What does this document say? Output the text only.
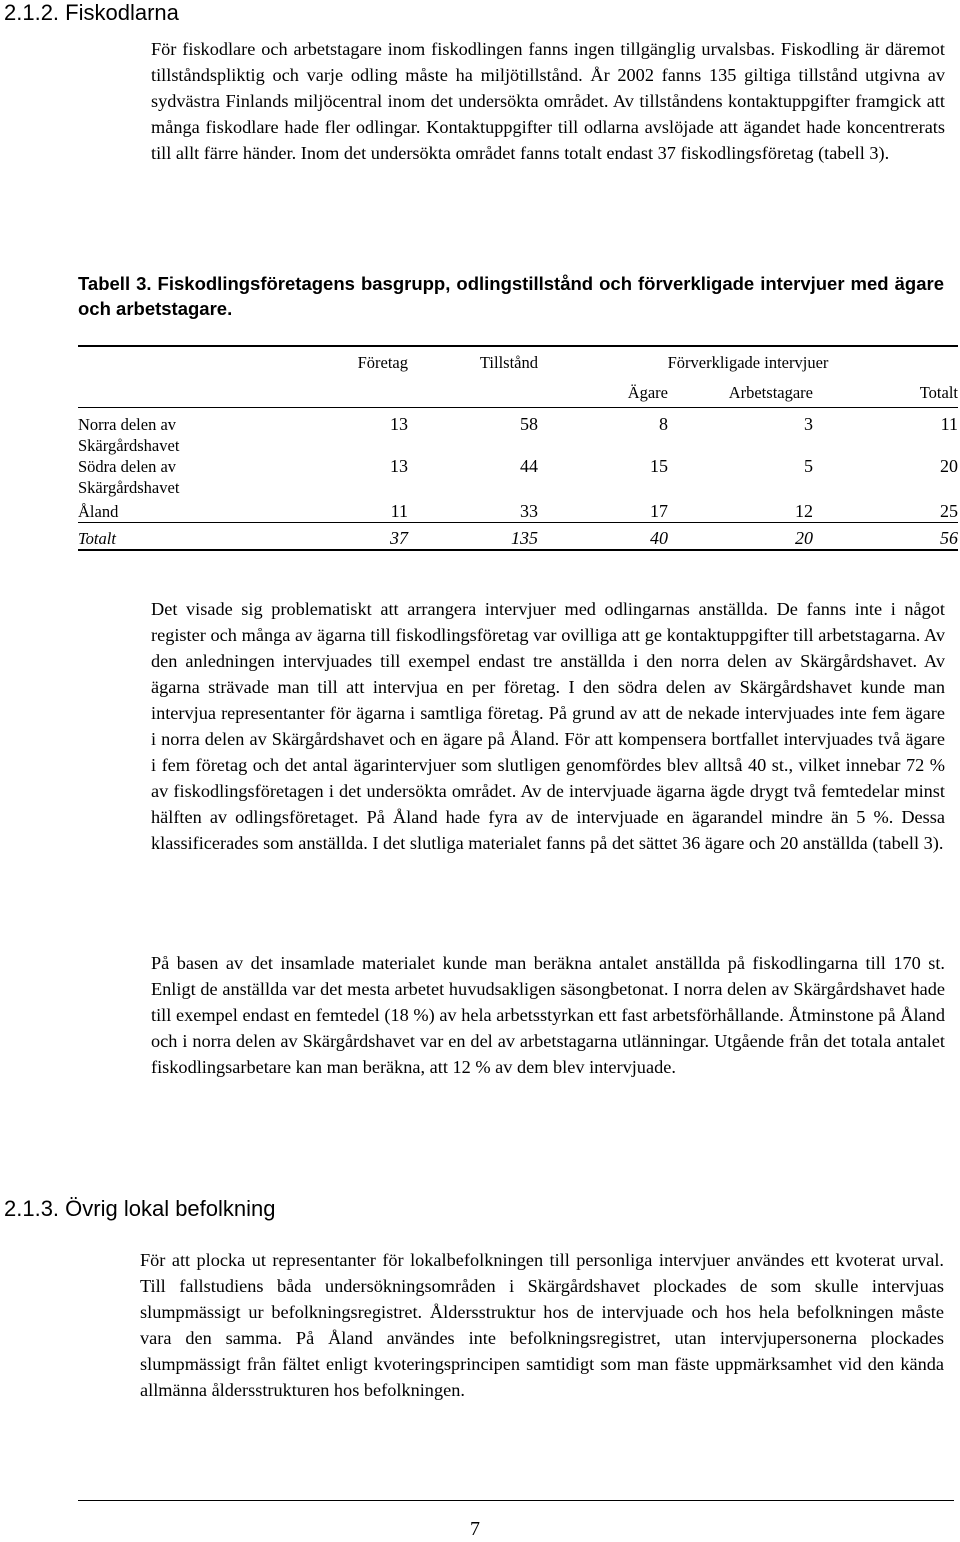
2.1.2. Fiskodlarna

För fiskodlare och arbetstagare inom fiskodlingen fanns ingen tillgänglig urvalsbas. Fiskodling är däremot tillståndspliktig och varje odling måste ha miljötillstånd. År 2002 fanns 135 giltiga tillstånd utgivna av sydvästra Finlands miljöcentral inom det undersökta området. Av tillståndens kontaktuppgifter framgick att många fiskodlare hade fler odlingar. Kontaktuppgifter till odlarna avslöjade att ägandet hade koncentrerats till allt färre händer. Inom det undersökta området fanns totalt endast 37 fiskodlingsföretag (tabell 3).

Tabell 3. Fiskodlingsföretagens basgrupp, odlingstillstånd och förverkligade intervjuer med ägare och arbetstagare.

	Företag	Tillstånd	Förverkligade intervjuer		
			Ägare	Arbetstagare	Totalt

Norra delen av
Skärgårdshavet	13	58	8	3	11

Södra delen av
Skärgårdshavet	13	44	15	5	20
Åland	11	33	17	12	25
Totalt	37	135	40	20	56

Det visade sig problematiskt att arrangera intervjuer med odlingarnas anställda. De fanns inte i något register och många av ägarna till fiskodlingsföretag var ovilliga att ge kontaktuppgifter till arbetstagarna. Av den anledningen intervjuades till exempel endast tre anställda i den norra delen av Skärgårdshavet. Av ägarna strävade man till att intervjua en per företag. I den södra delen av Skärgårdshavet kunde man intervjua representanter för ägarna i samtliga företag. På grund av att de nekade intervjuades inte fem ägare i norra delen av Skärgårdshavet och en ägare på Åland. För att kompensera bortfallet intervjuades två ägare i fem företag och det antal ägarintervjuer som slutligen genomfördes blev alltså 40 st., vilket innebar 72 % av fiskodlingsföretagen i det undersökta området. Av de intervjuade ägarna ägde drygt två femtedelar minst hälften av odlingsföretaget. På Åland hade fyra av de intervjuade en ägarandel mindre än 5 %. Dessa klassificerades som anställda. I det slutliga materialet fanns på det sättet 36 ägare och 20 anställda (tabell 3).

På basen av det insamlade materialet kunde man beräkna antalet anställda på fiskodlingarna till 170 st. Enligt de anställda var det mesta arbetet huvudsakligen säsongbetonat. I norra delen av Skärgårdshavet hade till exempel endast en femtedel (18 %) av hela arbetsstyrkan ett fast arbetsförhållande. Åtminstone på Åland och i norra delen av Skärgårdshavet var en del av arbetstagarna utlänningar. Utgående från det totala antalet fiskodlingsarbetare kan man beräkna, att 12 % av dem blev intervjuade.

2.1.3. Övrig lokal befolkning

För att plocka ut representanter för lokalbefolkningen till personliga intervjuer användes ett kvoterat urval. Till fallstudiens båda undersökningsområden i Skärgårdshavet plockades de som skulle intervjuas slumpmässigt ur befolkningsregistret. Åldersstruktur hos de intervjuade och hos hela befolkningen måste vara den samma. På Åland användes inte befolkningsregistret, utan intervjupersonerna plockades slumpmässigt från fältet enligt kvoteringsprincipen samtidigt som man fäste uppmärksamhet vid den kända allmänna åldersstrukturen hos befolkningen.

7
